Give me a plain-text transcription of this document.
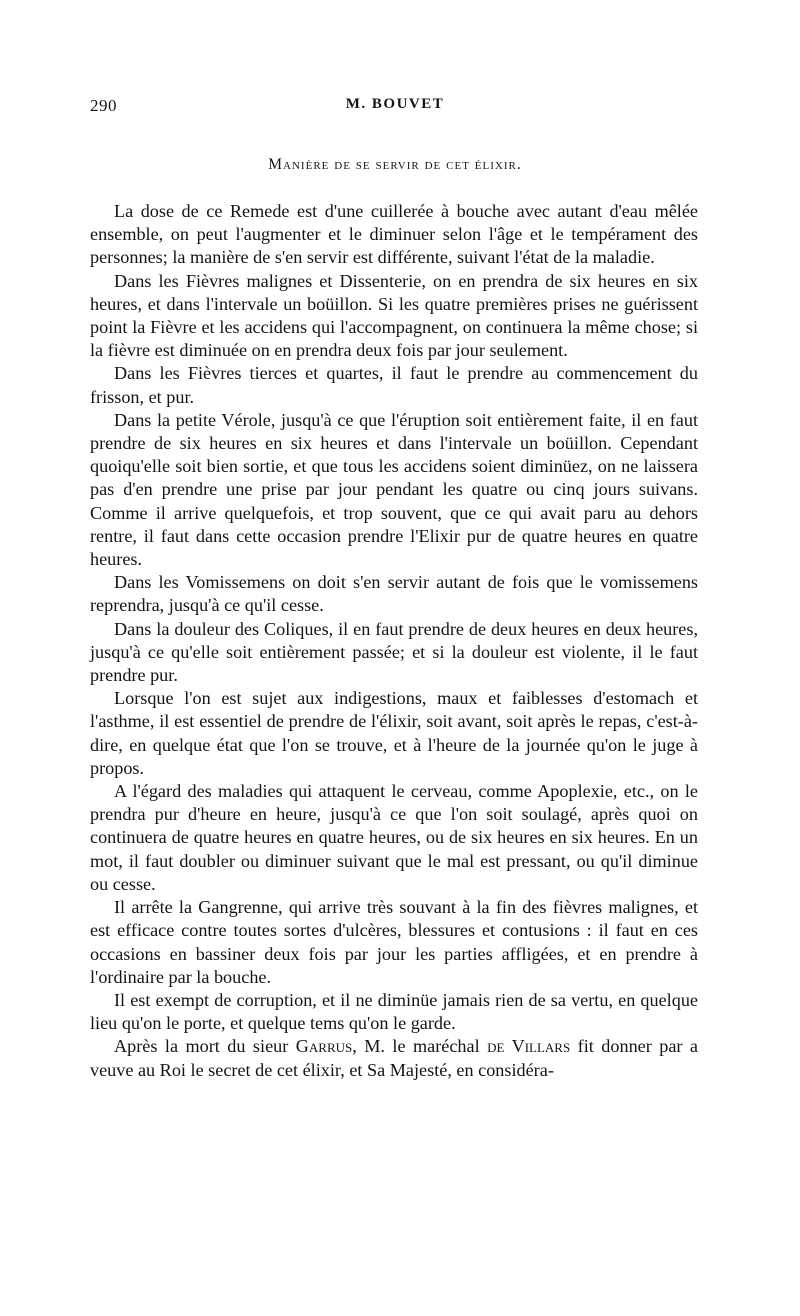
290	M. BOUVET
Manière de se servir de cet élixir.

La dose de ce Remede est d'une cuillerée à bouche avec autant d'eau mêlée ensemble, on peut l'augmenter et le diminuer selon l'âge et le tempérament des personnes; la manière de s'en servir est différente, suivant l'état de la maladie.

Dans les Fièvres malignes et Dissenterie, on en prendra de six heures en six heures, et dans l'intervale un boüillon. Si les quatre premières prises ne guérissent point la Fièvre et les accidens qui l'accompagnent, on continuera la même chose; si la fièvre est diminuée on en prendra deux fois par jour seulement.

Dans les Fièvres tierces et quartes, il faut le prendre au commencement du frisson, et pur.

Dans la petite Vérole, jusqu'à ce que l'éruption soit entièrement faite, il en faut prendre de six heures en six heures et dans l'intervale un boüillon. Cependant quoiqu'elle soit bien sortie, et que tous les accidens soient diminüez, on ne laissera pas d'en prendre une prise par jour pendant les quatre ou cinq jours suivans. Comme il arrive quelquefois, et trop souvent, que ce qui avait paru au dehors rentre, il faut dans cette occasion prendre l'Elixir pur de quatre heures en quatre heures.

Dans les Vomissemens on doit s'en servir autant de fois que le vomissemens reprendra, jusqu'à ce qu'il cesse.

Dans la douleur des Coliques, il en faut prendre de deux heures en deux heures, jusqu'à ce qu'elle soit entièrement passée; et si la douleur est violente, il le faut prendre pur.

Lorsque l'on est sujet aux indigestions, maux et faiblesses d'estomach et l'asthme, il est essentiel de prendre de l'élixir, soit avant, soit après le repas, c'est-à-dire, en quelque état que l'on se trouve, et à l'heure de la journée qu'on le juge à propos.

A l'égard des maladies qui attaquent le cerveau, comme Apoplexie, etc., on le prendra pur d'heure en heure, jusqu'à ce que l'on soit soulagé, après quoi on continuera de quatre heures en quatre heures, ou de six heures en six heures. En un mot, il faut doubler ou diminuer suivant que le mal est pressant, ou qu'il diminue ou cesse.

Il arrête la Gangrenne, qui arrive très souvant à la fin des fièvres malignes, et est efficace contre toutes sortes d'ulcères, blessures et contusions : il faut en ces occasions en bassiner deux fois par jour les parties affligées, et en prendre à l'ordinaire par la bouche.

Il est exempt de corruption, et il ne diminüe jamais rien de sa vertu, en quelque lieu qu'on le porte, et quelque tems qu'on le garde.

Après la mort du sieur Garrus, M. le maréchal de Villars fit donner par a veuve au Roi le secret de cet élixir, et Sa Majesté, en considéra-
